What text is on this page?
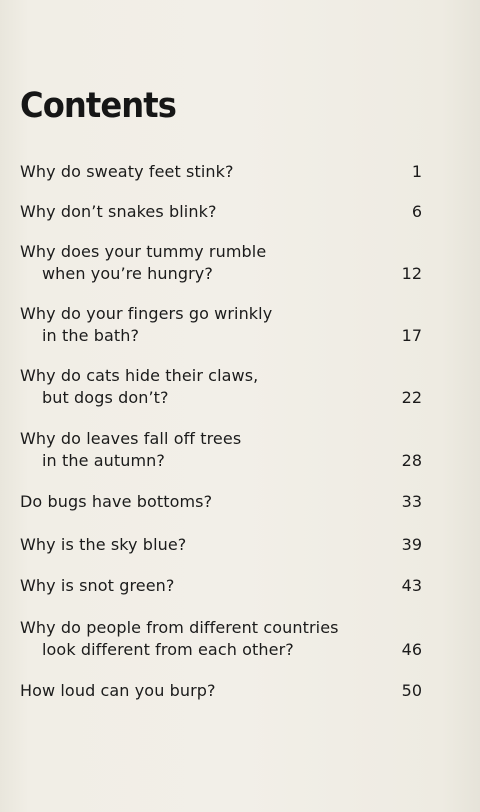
Contents
Why do sweaty feet stink?	1
Why don’t snakes blink?	6
Why does your tummy rumble
when you’re hungry?	12
Why do your fingers go wrinkly
in the bath?	17
Why do cats hide their claws,
but dogs don’t?	22
Why do leaves fall off trees
in the autumn?	28
Do bugs have bottoms?	33
Why is the sky blue?	39
Why is snot green?	43
Why do people from different countries
look different from each other?	46
How loud can you burp?	50
